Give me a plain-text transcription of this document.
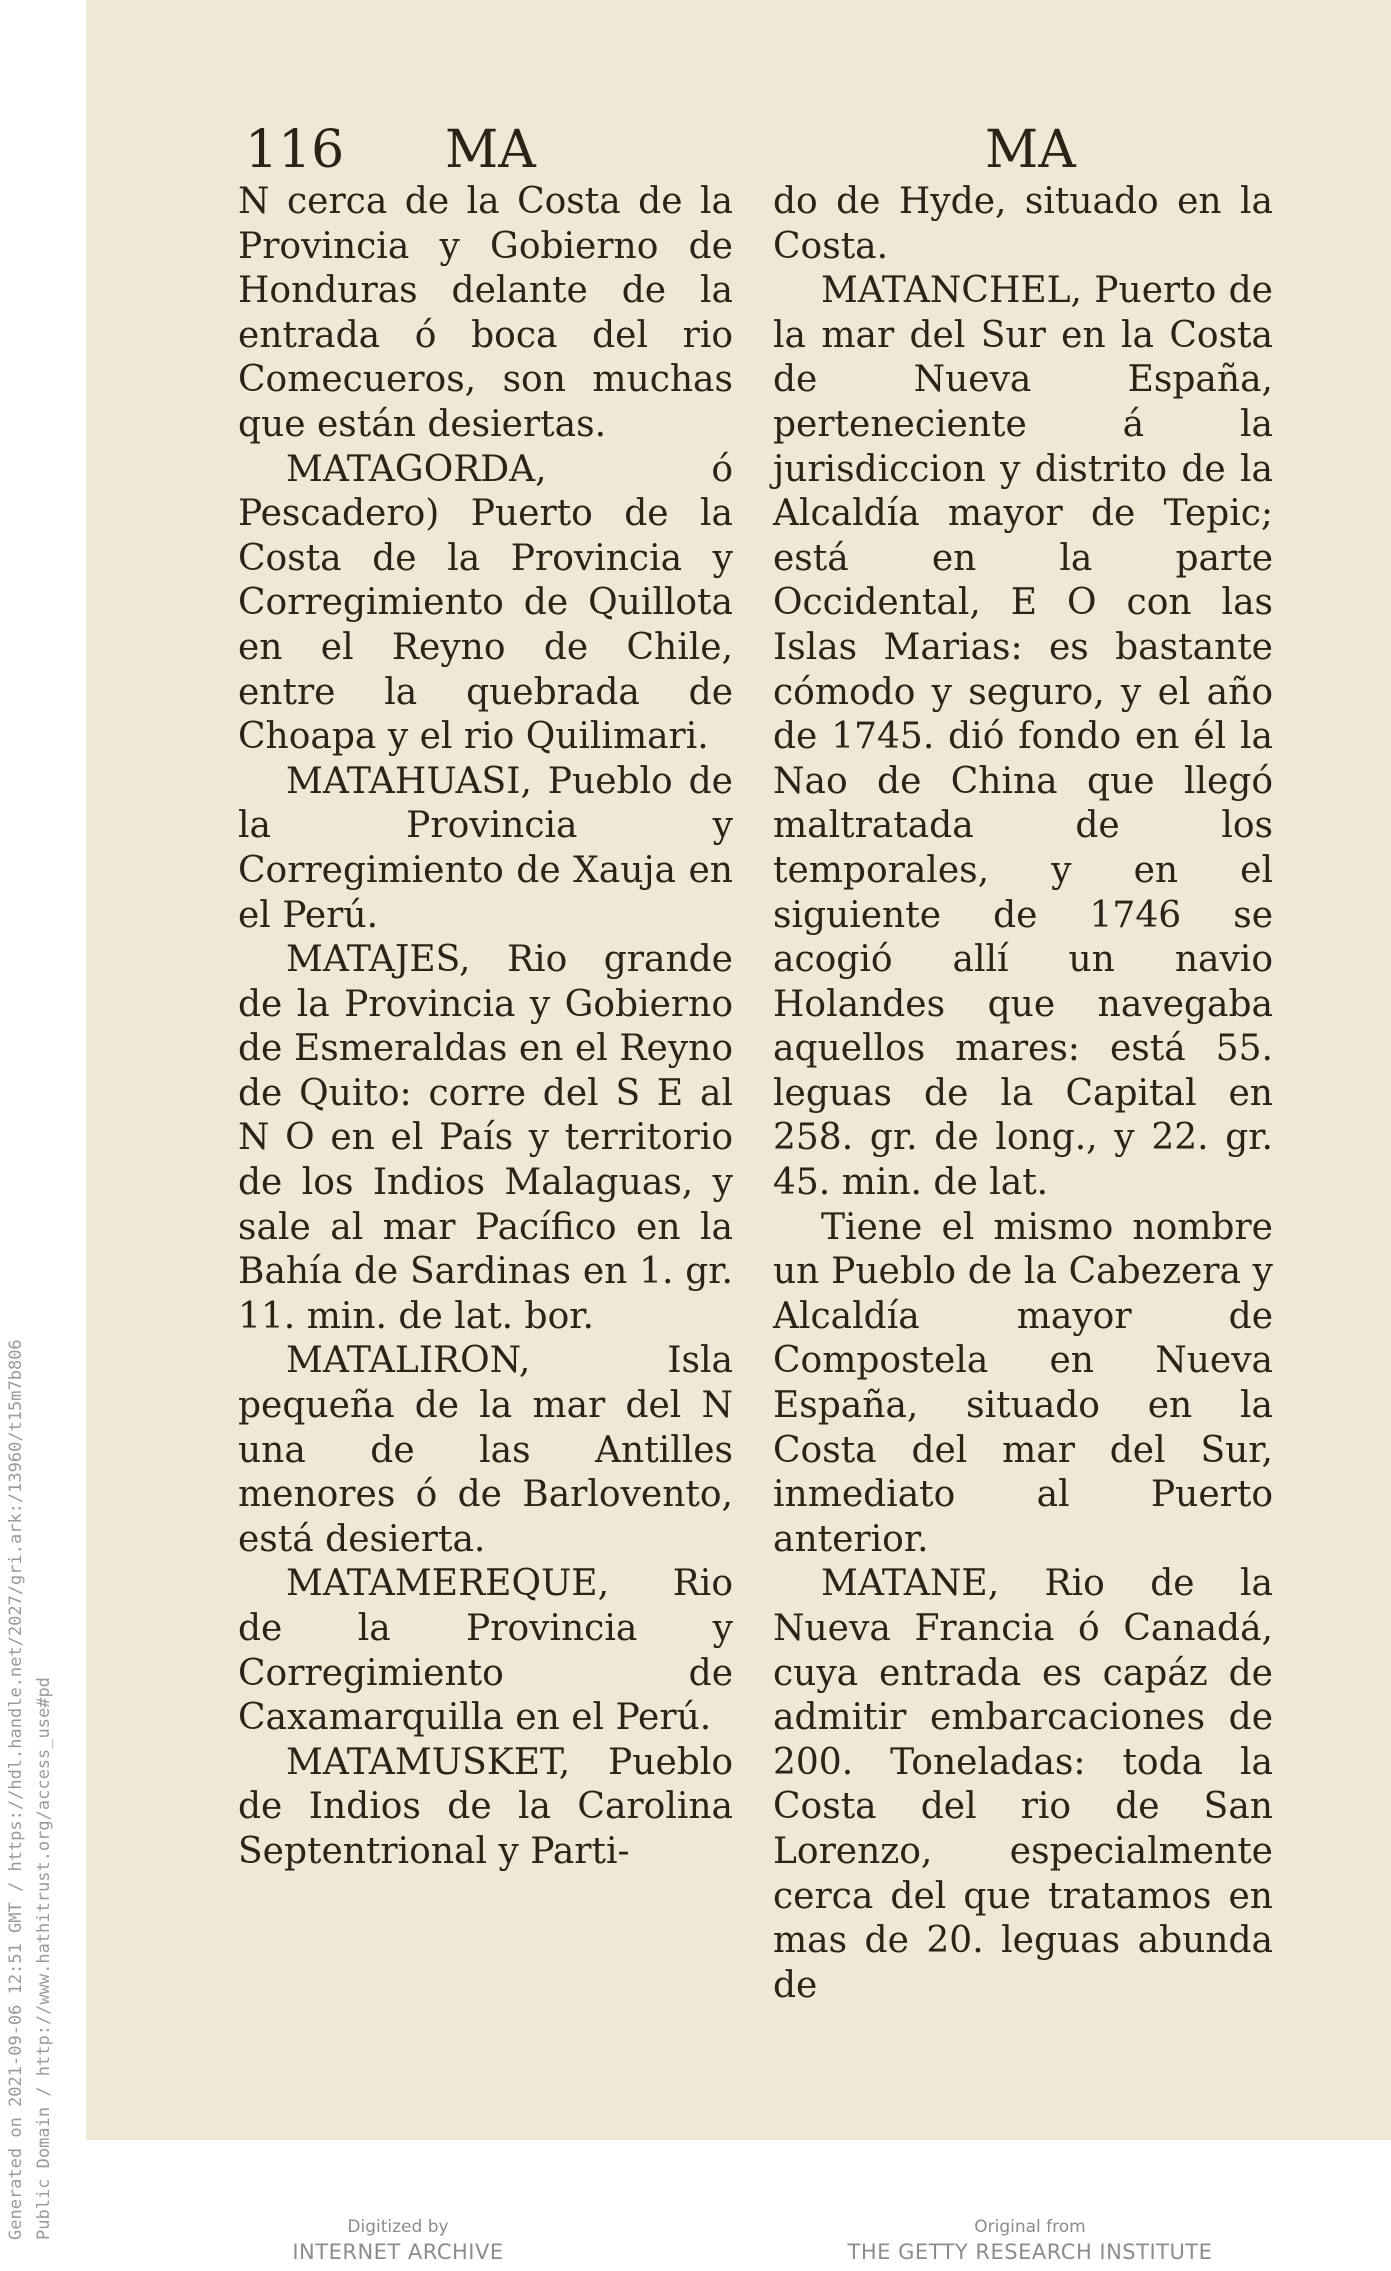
Generated on 2021-09-06 12:51 GMT / https://hdl.handle.net/2027/gri.ark:/13960/t15m7b806 Public Domain / http://www.hathitrust.org/access_use#pd
116 MA	MA

N cerca de la Costa de la Provincia y Gobierno de Honduras delante de la entrada ó boca del rio Comecueros, son muchas que están desiertas.

MATAGORDA, ó Pescadero) Puerto de la Costa de la Provincia y Corregimiento de Quillota en el Reyno de Chile, entre la quebrada de Choapa y el rio Quilimari.

MATAHUASI, Pueblo de la Provincia y Corregimiento de Xauja en el Perú.

MATAJES, Rio grande de la Provincia y Gobierno de Esmeraldas en el Reyno de Quito: corre del S E al N O en el País y territorio de los Indios Malaguas, y sale al mar Pacífico en la Bahía de Sardinas en 1. gr. 11. min. de lat. bor.

MATALIRON, Isla pequeña de la mar del N una de las Antilles menores ó de Barlovento, está desierta.

MATAMEREQUE, Rio de la Provincia y Corregimiento de Caxamarquilla en el Perú.

MATAMUSKET, Pueblo de Indios de la Carolina Septentrional y Parti-

do de Hyde, situado en la Costa.

MATANCHEL, Puerto de la mar del Sur en la Costa de Nueva España, perteneciente á la jurisdiccion y distrito de la Alcaldía mayor de Tepic; está en la parte Occidental, E O con las Islas Marias: es bastante cómodo y seguro, y el año de 1745. dió fondo en él la Nao de China que llegó maltratada de los temporales, y en el siguiente de 1746 se acogió allí un navio Holandes que navegaba aquellos mares: está 55. leguas de la Capital en 258. gr. de long., y 22. gr. 45. min. de lat.

Tiene el mismo nombre un Pueblo de la Cabezera y Alcaldía mayor de Compostela en Nueva España, situado en la Costa del mar del Sur, inmediato al Puerto anterior.

MATANE, Rio de la Nueva Francia ó Canadá, cuya entrada es capáz de admitir embarcaciones de 200. Toneladas: toda la Costa del rio de San Lorenzo, especialmente cerca del que tratamos en mas de 20. leguas abunda de

Digitized by
INTERNET ARCHIVE
Original from
THE GETTY RESEARCH INSTITUTE
